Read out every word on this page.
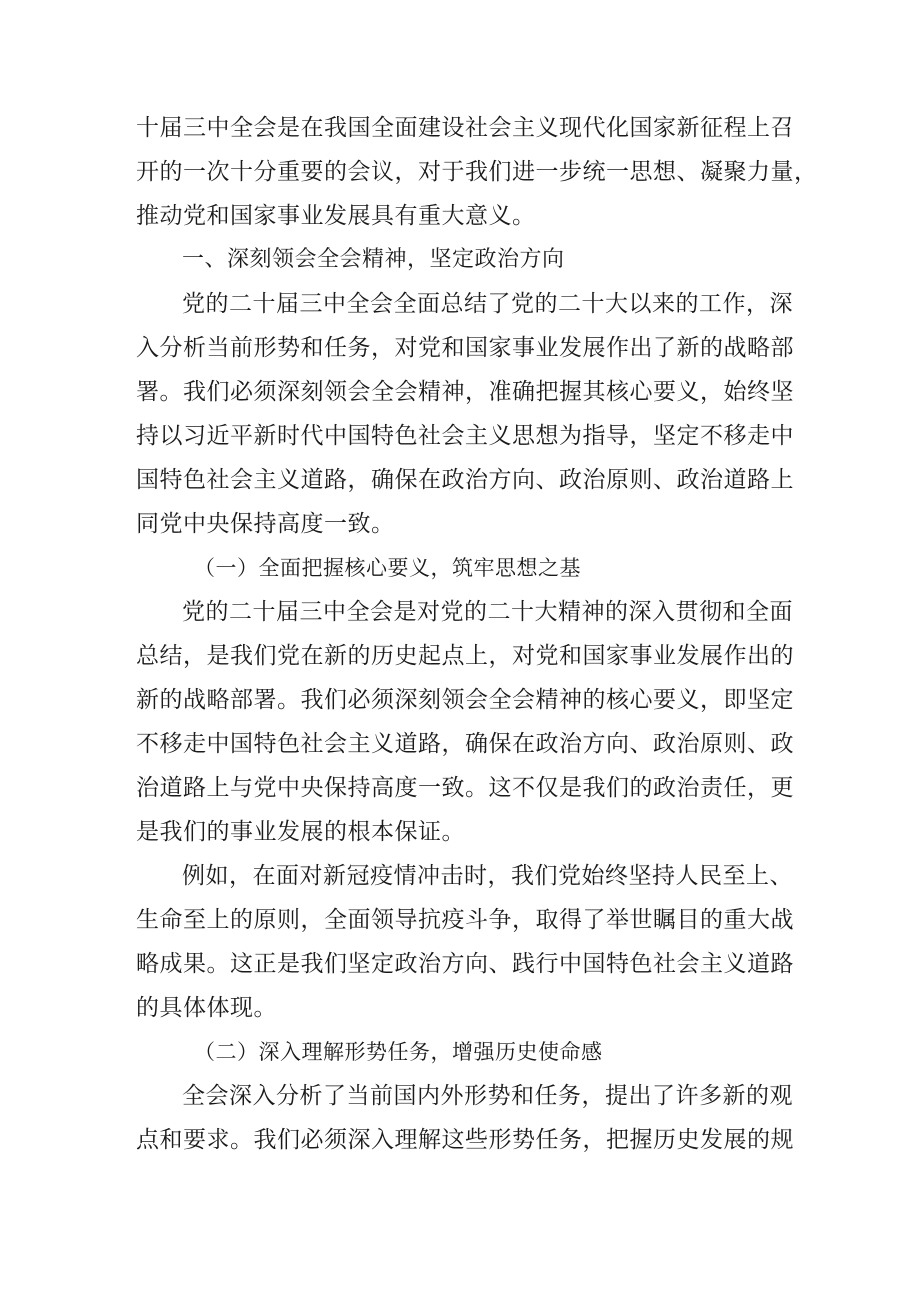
十届三中全会是在我国全面建设社会主义现代化国家新征程上召
开的一次十分重要的会议，对于我们进一步统一思想、凝聚力量，
推动党和国家事业发展具有重大意义。
一、深刻领会全会精神，坚定政治方向
党的二十届三中全会全面总结了党的二十大以来的工作，深
入分析当前形势和任务，对党和国家事业发展作出了新的战略部
署。我们必须深刻领会全会精神，准确把握其核心要义，始终坚
持以习近平新时代中国特色社会主义思想为指导，坚定不移走中
国特色社会主义道路，确保在政治方向、政治原则、政治道路上
同党中央保持高度一致。
（一）全面把握核心要义，筑牢思想之基
党的二十届三中全会是对党的二十大精神的深入贯彻和全面
总结，是我们党在新的历史起点上，对党和国家事业发展作出的
新的战略部署。我们必须深刻领会全会精神的核心要义，即坚定
不移走中国特色社会主义道路，确保在政治方向、政治原则、政
治道路上与党中央保持高度一致。这不仅是我们的政治责任，更
是我们的事业发展的根本保证。
例如，在面对新冠疫情冲击时，我们党始终坚持人民至上、
生命至上的原则，全面领导抗疫斗争，取得了举世瞩目的重大战
略成果。这正是我们坚定政治方向、践行中国特色社会主义道路
的具体体现。
（二）深入理解形势任务，增强历史使命感
全会深入分析了当前国内外形势和任务，提出了许多新的观
点和要求。我们必须深入理解这些形势任务，把握历史发展的规
